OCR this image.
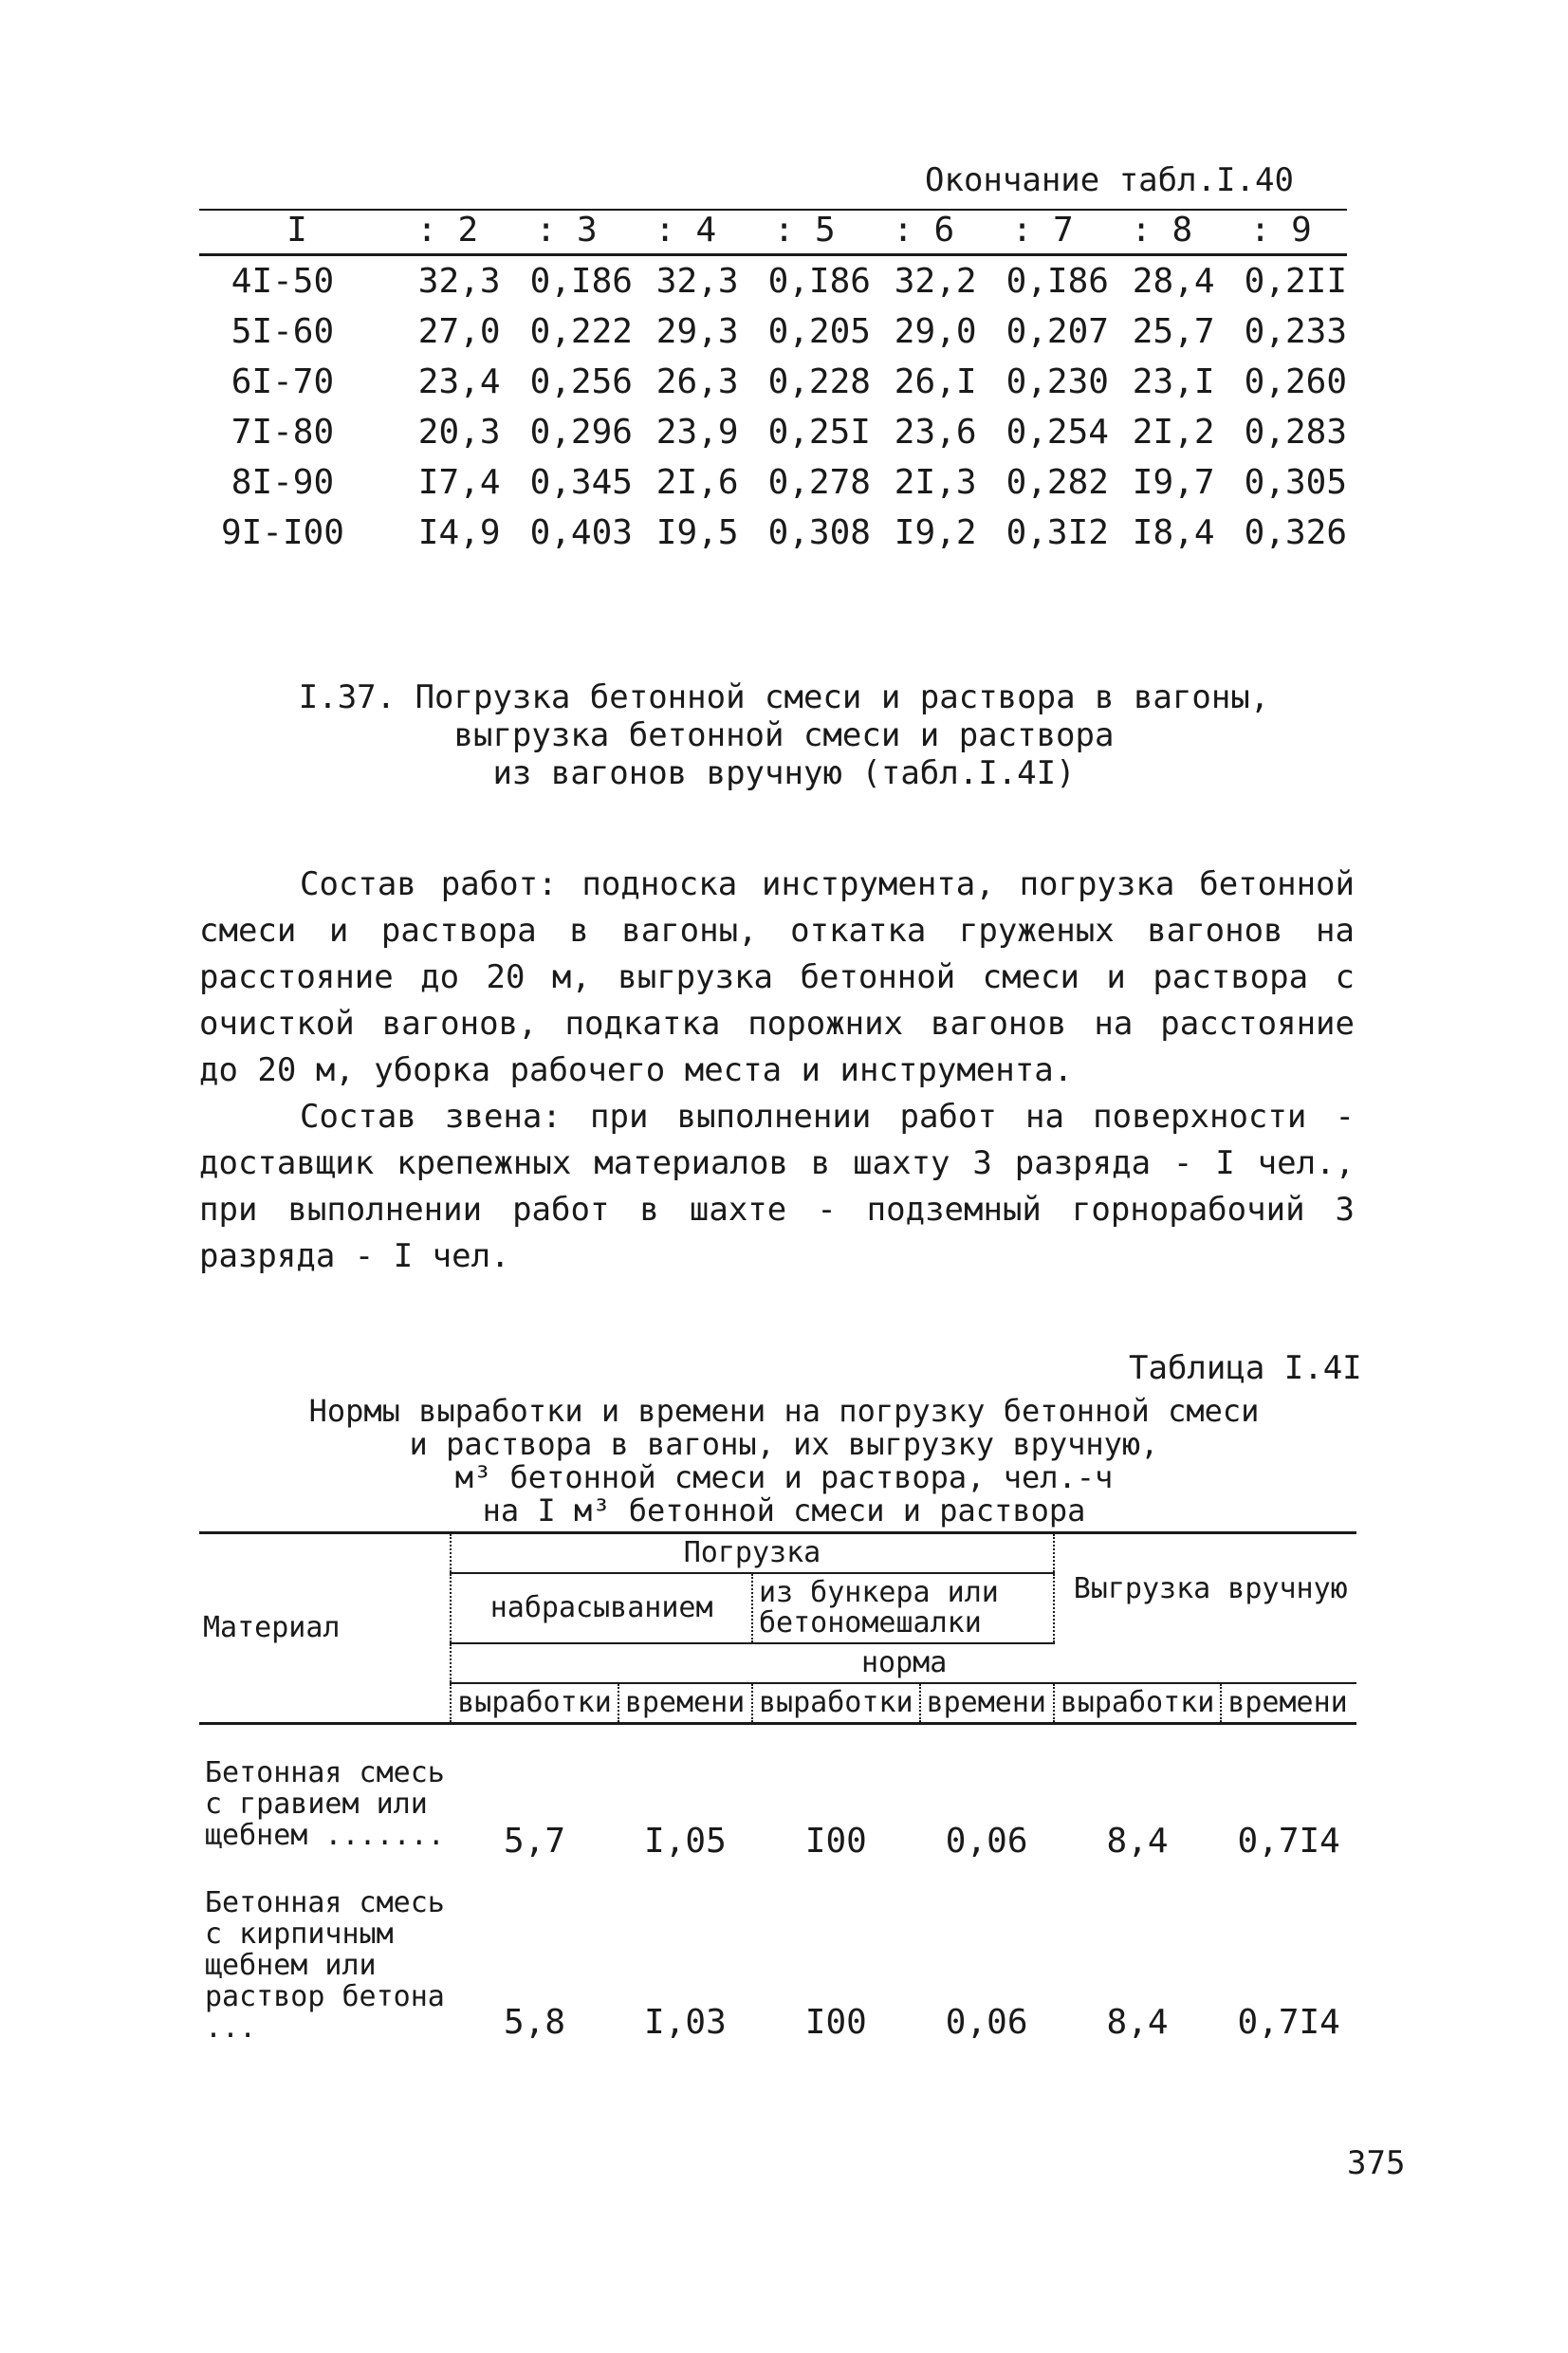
Окончание табл.I.40
I	: 2	: 3	: 4	: 5	: 6	: 7	: 8	: 9
4I-50	32,3	0,I86	32,3	0,I86	32,2	0,I86	28,4	0,2II
5I-60	27,0	0,222	29,3	0,205	29,0	0,207	25,7	0,233
6I-70	23,4	0,256	26,3	0,228	26,I	0,230	23,I	0,260
7I-80	20,3	0,296	23,9	0,25I	23,6	0,254	2I,2	0,283
8I-90	I7,4	0,345	2I,6	0,278	2I,3	0,282	I9,7	0,305
9I-I00	I4,9	0,403	I9,5	0,308	I9,2	0,3I2	I8,4	0,326
I.37. Погрузка бетонной смеси и раствора в вагоны,
выгрузка бетонной смеси и раствора
из вагонов вручную (табл.I.4I)

Состав работ: подноска инструмента, погрузка бетонной смеси и раствора в вагоны, откатка груженых вагонов на расстояние до 20 м, выгрузка бетонной смеси и раствора с очисткой вагонов, подкатка порожних вагонов на расстояние до 20 м, уборка рабочего места и инструмента.

Состав звена: при выполнении работ на поверхности - доставщик крепежных материалов в шахту 3 разряда - I чел., при выполнении работ в шахте - подземный горнорабочий 3 разряда - I чел.

Таблица I.4I
Нормы выработки и времени на погрузку бетонной смеси
и раствора в вагоны, их выгрузку вручную,
м³ бетонной смеси и раствора, чел.-ч
на I м³ бетонной смеси и раствора
Материал	Погрузка				Выгрузка вручную	
	набрасыванием		из бункера или бетономешалки			
	норма					
	выработки	времени	выработки	времени	выработки	времени
Бетонная смесь с гравием или щебнем .......	5,7	I,05	I00	0,06	8,4	0,7I4
Бетонная смесь с кирпичным щебнем или раствор бетона ...	5,8	I,03	I00	0,06	8,4	0,7I4
375
